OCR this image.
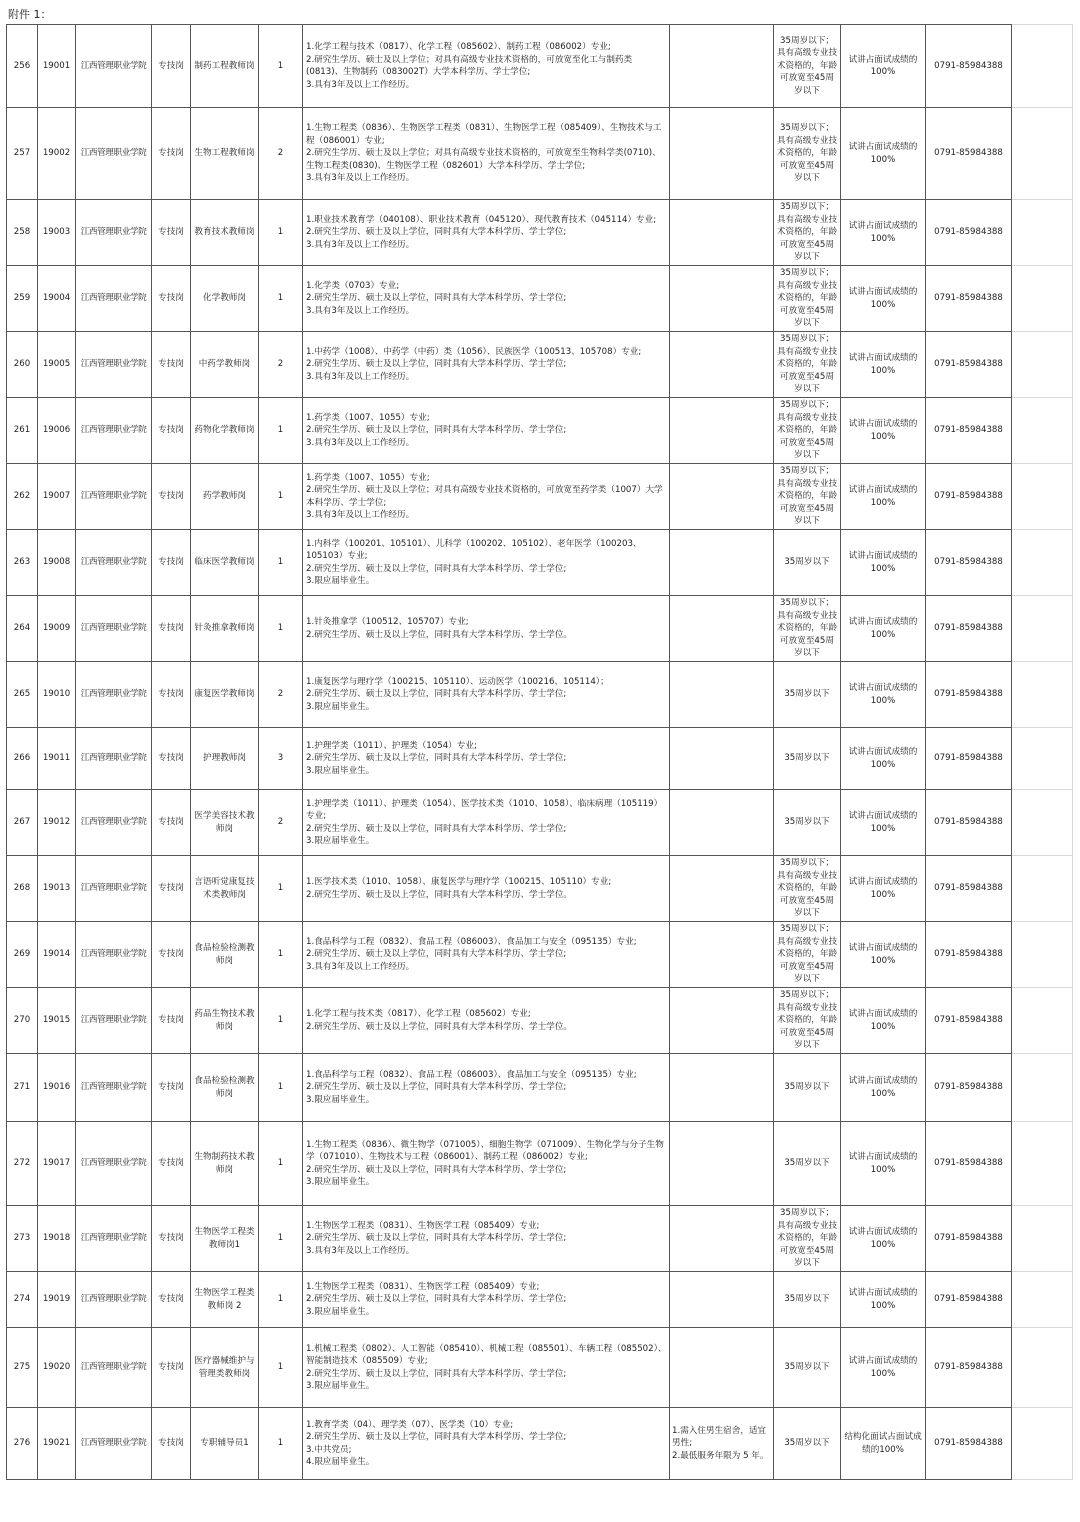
附件 1：
256	19001	江西管理职业学院	专技岗	制药工程教师岗	1	1.化学工程与技术（0817）、化学工程（085602）、制药工程（086002）专业;
2.研究生学历、硕士及以上学位；对具有高级专业技术资格的，可放宽至化工与制药类(0813)、生物制药（083002T）大学本科学历、学士学位;
3.具有3年及以上工作经历。		35周岁以下；具有高级专业技术资格的，年龄可放宽至45周岁以下	试讲占面试成绩的100%	0791-85984388	
257	19002	江西管理职业学院	专技岗	生物工程教师岗	2	1.生物工程类（0836）、生物医学工程类（0831）、生物医学工程（085409）、生物技术与工程（086001）专业;
2.研究生学历、硕士及以上学位；对具有高级专业技术资格的，可放宽至生物科学类(0710)、生物工程类(0830)、生物医学工程（082601）大学本科学历、学士学位;
3.具有3年及以上工作经历。		35周岁以下；具有高级专业技术资格的，年龄可放宽至45周岁以下	试讲占面试成绩的100%	0791-85984388	
258	19003	江西管理职业学院	专技岗	教育技术教师岗	1	1.职业技术教育学（040108）、职业技术教育（045120）、现代教育技术（045114）专业;
2.研究生学历、硕士及以上学位，同时具有大学本科学历、学士学位;
3.具有3年及以上工作经历。		35周岁以下；具有高级专业技术资格的，年龄可放宽至45周岁以下	试讲占面试成绩的100%	0791-85984388	
259	19004	江西管理职业学院	专技岗	化学教师岗	1	1.化学类（0703）专业;
2.研究生学历、硕士及以上学位，同时具有大学本科学历、学士学位;
3.具有3年及以上工作经历。		35周岁以下；具有高级专业技术资格的，年龄可放宽至45周岁以下	试讲占面试成绩的100%	0791-85984388	
260	19005	江西管理职业学院	专技岗	中药学教师岗	2	1.中药学（1008）、中药学（中药）类（1056）、民族医学（100513、105708）专业;
2.研究生学历、硕士及以上学位，同时具有大学本科学历、学士学位;
3.具有3年及以上工作经历。		35周岁以下；具有高级专业技术资格的，年龄可放宽至45周岁以下	试讲占面试成绩的100%	0791-85984388	
261	19006	江西管理职业学院	专技岗	药物化学教师岗	1	1.药学类（1007、1055）专业;
2.研究生学历、硕士及以上学位，同时具有大学本科学历、学士学位;
3.具有3年及以上工作经历。		35周岁以下；具有高级专业技术资格的，年龄可放宽至45周岁以下	试讲占面试成绩的100%	0791-85984388	
262	19007	江西管理职业学院	专技岗	药学教师岗	1	1.药学类（1007、1055）专业;
2.研究生学历、硕士及以上学位；对具有高级专业技术资格的，可放宽至药学类（1007）大学本科学历、学士学位;
3.具有3年及以上工作经历。		35周岁以下；具有高级专业技术资格的，年龄可放宽至45周岁以下	试讲占面试成绩的100%	0791-85984388	
263	19008	江西管理职业学院	专技岗	临床医学教师岗	1	1.内科学（100201、105101）、儿科学（100202、105102）、老年医学（100203、105103）专业;
2.研究生学历、硕士及以上学位，同时具有大学本科学历、学士学位;
3.限应届毕业生。		35周岁以下	试讲占面试成绩的100%	0791-85984388	
264	19009	江西管理职业学院	专技岗	针灸推拿教师岗	1	1.针灸推拿学（100512、105707）专业;
2.研究生学历、硕士及以上学位，同时具有大学本科学历、学士学位。		35周岁以下；具有高级专业技术资格的，年龄可放宽至45周岁以下	试讲占面试成绩的100%	0791-85984388	
265	19010	江西管理职业学院	专技岗	康复医学教师岗	2	1.康复医学与理疗学（100215、105110）、运动医学（100216、105114）；
2.研究生学历、硕士及以上学位，同时具有大学本科学历、学士学位;
3.限应届毕业生。		35周岁以下	试讲占面试成绩的100%	0791-85984388	
266	19011	江西管理职业学院	专技岗	护理教师岗	3	1.护理学类（1011）、护理类（1054）专业;
2.研究生学历、硕士及以上学位，同时具有大学本科学历、学士学位;
3.限应届毕业生。		35周岁以下	试讲占面试成绩的100%	0791-85984388	
267	19012	江西管理职业学院	专技岗	医学美容技术教师岗	2	1.护理学类（1011）、护理类（1054）、医学技术类（1010、1058）、临床病理（105119）专业;
2.研究生学历、硕士及以上学位，同时具有大学本科学历、学士学位;
3.限应届毕业生。		35周岁以下	试讲占面试成绩的100%	0791-85984388	
268	19013	江西管理职业学院	专技岗	言语听觉康复技术类教师岗	1	1.医学技术类（1010、1058）、康复医学与理疗学（100215、105110）专业;
2.研究生学历、硕士及以上学位，同时具有大学本科学历、学士学位。		35周岁以下；具有高级专业技术资格的，年龄可放宽至45周岁以下	试讲占面试成绩的100%	0791-85984388	
269	19014	江西管理职业学院	专技岗	食品检验检测教师岗	1	1.食品科学与工程（0832）、食品工程（086003）、食品加工与安全（095135）专业;
2.研究生学历、硕士及以上学位，同时具有大学本科学历、学士学位;
3.具有3年及以上工作经历。		35周岁以下；具有高级专业技术资格的，年龄可放宽至45周岁以下	试讲占面试成绩的100%	0791-85984388	
270	19015	江西管理职业学院	专技岗	药品生物技术教师岗	1	1.化学工程与技术类（0817）、化学工程（085602）专业;
2.研究生学历、硕士及以上学位，同时具有大学本科学历、学士学位。		35周岁以下；具有高级专业技术资格的，年龄可放宽至45周岁以下	试讲占面试成绩的100%	0791-85984388	
271	19016	江西管理职业学院	专技岗	食品检验检测教师岗	1	1.食品科学与工程（0832）、食品工程（086003）、食品加工与安全（095135）专业;
2.研究生学历、硕士及以上学位，同时具有大学本科学历、学士学位;
3.限应届毕业生。		35周岁以下	试讲占面试成绩的100%	0791-85984388	
272	19017	江西管理职业学院	专技岗	生物制药技术教师岗	1	1.生物工程类（0836）、微生物学（071005）、细胞生物学（071009）、生物化学与分子生物学（071010）、生物技术与工程（086001）、制药工程（086002）专业;
2.研究生学历、硕士及以上学位，同时具有大学本科学历、学士学位;
3.限应届毕业生。		35周岁以下	试讲占面试成绩的100%	0791-85984388	
273	19018	江西管理职业学院	专技岗	生物医学工程类教师岗1	1	1.生物医学工程类（0831）、生物医学工程（085409）专业;
2.研究生学历、硕士及以上学位，同时具有大学本科学历、学士学位;
3.具有3年及以上工作经历。		35周岁以下；具有高级专业技术资格的，年龄可放宽至45周岁以下	试讲占面试成绩的100%	0791-85984388	
274	19019	江西管理职业学院	专技岗	生物医学工程类教师岗 2	1	1.生物医学工程类（0831）、生物医学工程（085409）专业;
2.研究生学历、硕士及以上学位，同时具有大学本科学历、学士学位;
3.限应届毕业生。		35周岁以下	试讲占面试成绩的100%	0791-85984388	
275	19020	江西管理职业学院	专技岗	医疗器械维护与管理类教师岗	1	1.机械工程类（0802）、人工智能（085410）、机械工程（085501）、车辆工程（085502）、智能制造技术（085509）专业;
2.研究生学历、硕士及以上学位，同时具有大学本科学历、学士学位;
3.限应届毕业生。		35周岁以下	试讲占面试成绩的100%	0791-85984388	
276	19021	江西管理职业学院	专技岗	专职辅导员1	1	1.教育学类（04）、理学类（07）、医学类（10）专业;
2.研究生学历、硕士及以上学位，同时具有大学本科学历、学士学位;
3.中共党员;
4.限应届毕业生。	1.需入住男生宿舍，适宜男性;
2.最低服务年限为 5 年。	35周岁以下	结构化面试占面试成绩的100%	0791-85984388	
